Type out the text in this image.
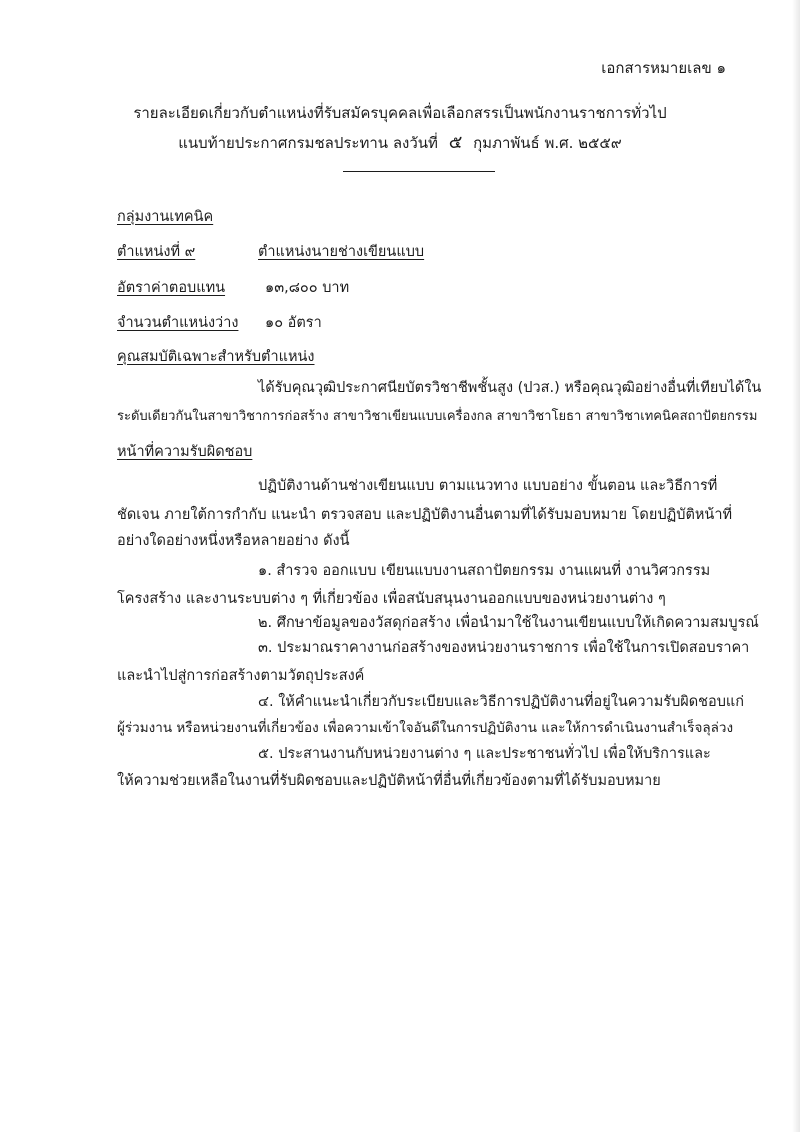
เอกสารหมายเลข ๑
รายละเอียดเกี่ยวกับตำแหน่งที่รับสมัครบุคคลเพื่อเลือกสรรเป็นพนักงานราชการทั่วไป
แนบท้ายประกาศกรมชลประทาน ลงวันที่ ๕ กุมภาพันธ์ พ.ศ. ๒๕๕๙
กลุ่มงานเทคนิค
ตำแหน่งที่ ๙	ตำแหน่งนายช่างเขียนแบบ
อัตราค่าตอบแทน	๑๓,๘๐๐ บาท
จำนวนตำแหน่งว่าง ๑๐ อัตรา
คุณสมบัติเฉพาะสำหรับตำแหน่ง
ได้รับคุณวุฒิประกาศนียบัตรวิชาชีพชั้นสูง (ปวส.) หรือคุณวุฒิอย่างอื่นที่เทียบได้ใน
ระดับเดียวกันในสาขาวิชาการก่อสร้าง สาขาวิชาเขียนแบบเครื่องกล สาขาวิชาโยธา สาขาวิชาเทคนิคสถาปัตยกรรม
หน้าที่ความรับผิดชอบ
ปฏิบัติงานด้านช่างเขียนแบบ ตามแนวทาง แบบอย่าง ขั้นตอน และวิธีการที่
ชัดเจน ภายใต้การกำกับ แนะนำ ตรวจสอบ และปฏิบัติงานอื่นตามที่ได้รับมอบหมาย โดยปฏิบัติหน้าที่
อย่างใดอย่างหนึ่งหรือหลายอย่าง ดังนี้
๑. สำรวจ ออกแบบ เขียนแบบงานสถาปัตยกรรม งานแผนที่ งานวิศวกรรม
โครงสร้าง และงานระบบต่าง ๆ ที่เกี่ยวข้อง เพื่อสนับสนุนงานออกแบบของหน่วยงานต่าง ๆ
๒. ศึกษาข้อมูลของวัสดุก่อสร้าง เพื่อนำมาใช้ในงานเขียนแบบให้เกิดความสมบูรณ์
๓. ประมาณราคางานก่อสร้างของหน่วยงานราชการ เพื่อใช้ในการเปิดสอบราคา
และนำไปสู่การก่อสร้างตามวัตถุประสงค์
๔. ให้คำแนะนำเกี่ยวกับระเบียบและวิธีการปฏิบัติงานที่อยู่ในความรับผิดชอบแก่
ผู้ร่วมงาน หรือหน่วยงานที่เกี่ยวข้อง เพื่อความเข้าใจอันดีในการปฏิบัติงาน และให้การดำเนินงานสำเร็จลุล่วง
๕. ประสานงานกับหน่วยงานต่าง ๆ และประชาชนทั่วไป เพื่อให้บริการและ
ให้ความช่วยเหลือในงานที่รับผิดชอบและปฏิบัติหน้าที่อื่นที่เกี่ยวข้องตามที่ได้รับมอบหมาย
